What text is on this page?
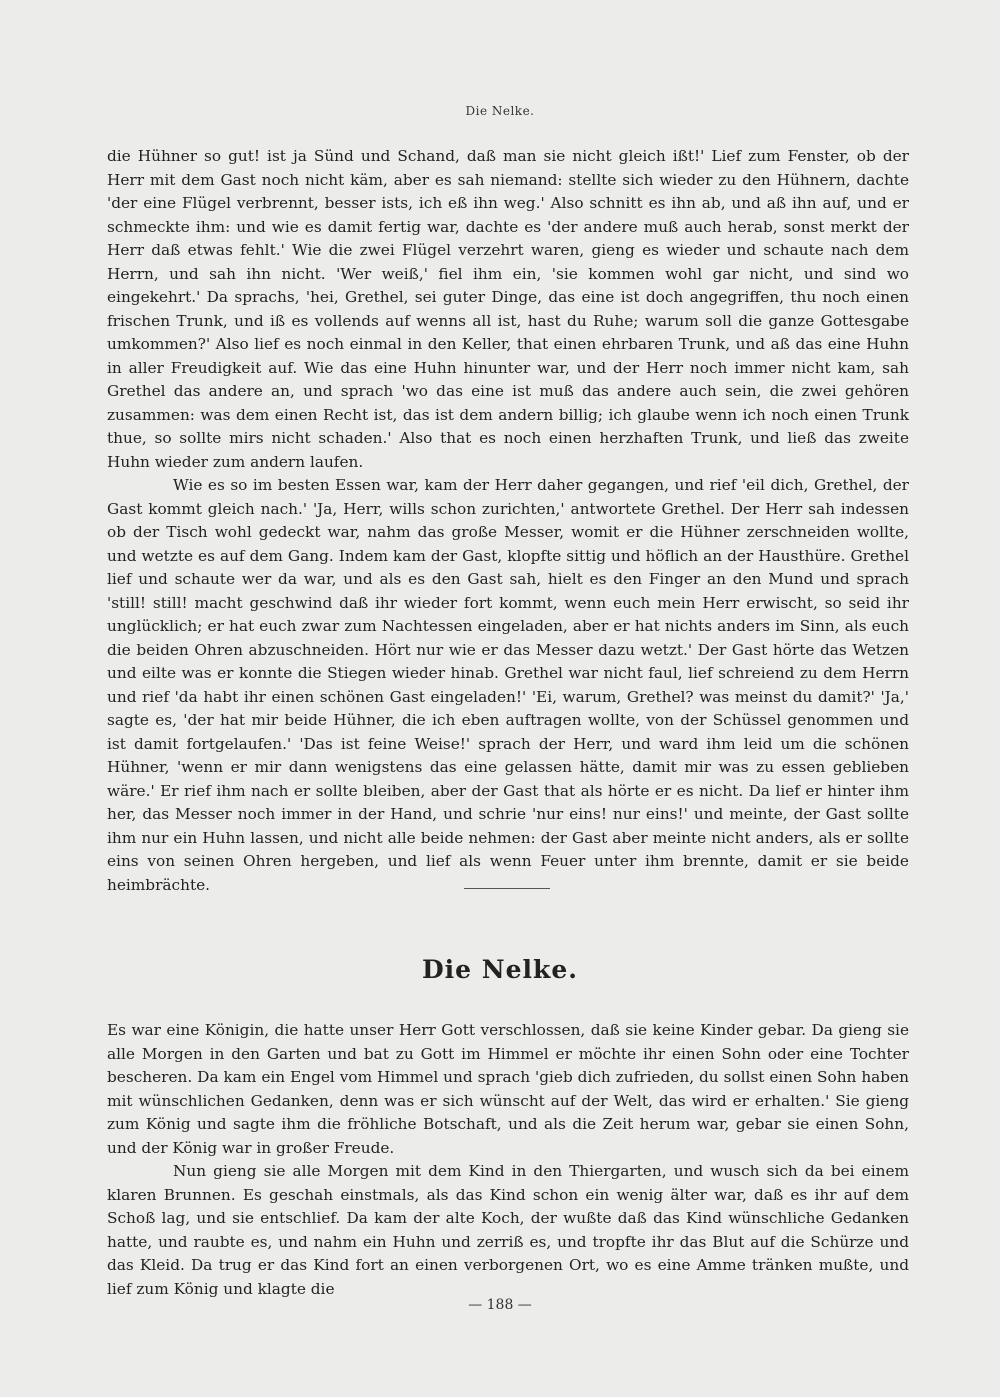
Die Nelke.

die Hühner so gut! ist ja Sünd und Schand, daß man sie nicht gleich ißt!' Lief zum Fenster, ob der Herr mit dem Gast noch nicht käm, aber es sah niemand: stellte sich wieder zu den Hühnern, dachte 'der eine Flügel verbrennt, besser ists, ich eß ihn weg.' Also schnitt es ihn ab, und aß ihn auf, und er schmeckte ihm: und wie es damit fertig war, dachte es 'der andere muß auch herab, sonst merkt der Herr daß etwas fehlt.' Wie die zwei Flügel verzehrt waren, gieng es wieder und schaute nach dem Herrn, und sah ihn nicht. 'Wer weiß,' fiel ihm ein, 'sie kommen wohl gar nicht, und sind wo eingekehrt.' Da sprachs, 'hei, Grethel, sei guter Dinge, das eine ist doch angegriffen, thu noch einen frischen Trunk, und iß es vollends auf wenns all ist, hast du Ruhe; warum soll die ganze Gottesgabe umkommen?' Also lief es noch einmal in den Keller, that einen ehrbaren Trunk, und aß das eine Huhn in aller Freudigkeit auf. Wie das eine Huhn hinunter war, und der Herr noch immer nicht kam, sah Grethel das andere an, und sprach 'wo das eine ist muß das andere auch sein, die zwei gehören zusammen: was dem einen Recht ist, das ist dem andern billig; ich glaube wenn ich noch einen Trunk thue, so sollte mirs nicht schaden.' Also that es noch einen herzhaften Trunk, und ließ das zweite Huhn wieder zum andern laufen.

Wie es so im besten Essen war, kam der Herr daher gegangen, und rief 'eil dich, Grethel, der Gast kommt gleich nach.' 'Ja, Herr, wills schon zurichten,' antwortete Grethel. Der Herr sah indessen ob der Tisch wohl gedeckt war, nahm das große Messer, womit er die Hühner zerschneiden wollte, und wetzte es auf dem Gang. Indem kam der Gast, klopfte sittig und höflich an der Hausthüre. Grethel lief und schaute wer da war, und als es den Gast sah, hielt es den Finger an den Mund und sprach 'still! still! macht geschwind daß ihr wieder fort kommt, wenn euch mein Herr erwischt, so seid ihr unglücklich; er hat euch zwar zum Nachtessen eingeladen, aber er hat nichts anders im Sinn, als euch die beiden Ohren abzuschneiden. Hört nur wie er das Messer dazu wetzt.' Der Gast hörte das Wetzen und eilte was er konnte die Stiegen wieder hinab. Grethel war nicht faul, lief schreiend zu dem Herrn und rief 'da habt ihr einen schönen Gast eingeladen!' 'Ei, warum, Grethel? was meinst du damit?' 'Ja,' sagte es, 'der hat mir beide Hühner, die ich eben auftragen wollte, von der Schüssel genommen und ist damit fortgelaufen.' 'Das ist feine Weise!' sprach der Herr, und ward ihm leid um die schönen Hühner, 'wenn er mir dann wenigstens das eine gelassen hätte, damit mir was zu essen geblieben wäre.' Er rief ihm nach er sollte bleiben, aber der Gast that als hörte er es nicht. Da lief er hinter ihm her, das Messer noch immer in der Hand, und schrie 'nur eins! nur eins!' und meinte, der Gast sollte ihm nur ein Huhn lassen, und nicht alle beide nehmen: der Gast aber meinte nicht anders, als er sollte eins von seinen Ohren hergeben, und lief als wenn Feuer unter ihm brennte, damit er sie beide heimbrächte.

Die Nelke.

Es war eine Königin, die hatte unser Herr Gott verschlossen, daß sie keine Kinder gebar. Da gieng sie alle Morgen in den Garten und bat zu Gott im Himmel er möchte ihr einen Sohn oder eine Tochter bescheren. Da kam ein Engel vom Himmel und sprach 'gieb dich zufrieden, du sollst einen Sohn haben mit wünschlichen Gedanken, denn was er sich wünscht auf der Welt, das wird er erhalten.' Sie gieng zum König und sagte ihm die fröhliche Botschaft, und als die Zeit herum war, gebar sie einen Sohn, und der König war in großer Freude.

Nun gieng sie alle Morgen mit dem Kind in den Thiergarten, und wusch sich da bei einem klaren Brunnen. Es geschah einstmals, als das Kind schon ein wenig älter war, daß es ihr auf dem Schoß lag, und sie entschlief. Da kam der alte Koch, der wußte daß das Kind wünschliche Gedanken hatte, und raubte es, und nahm ein Huhn und zerriß es, und tropfte ihr das Blut auf die Schürze und das Kleid. Da trug er das Kind fort an einen verborgenen Ort, wo es eine Amme tränken mußte, und lief zum König und klagte die

— 188 —
